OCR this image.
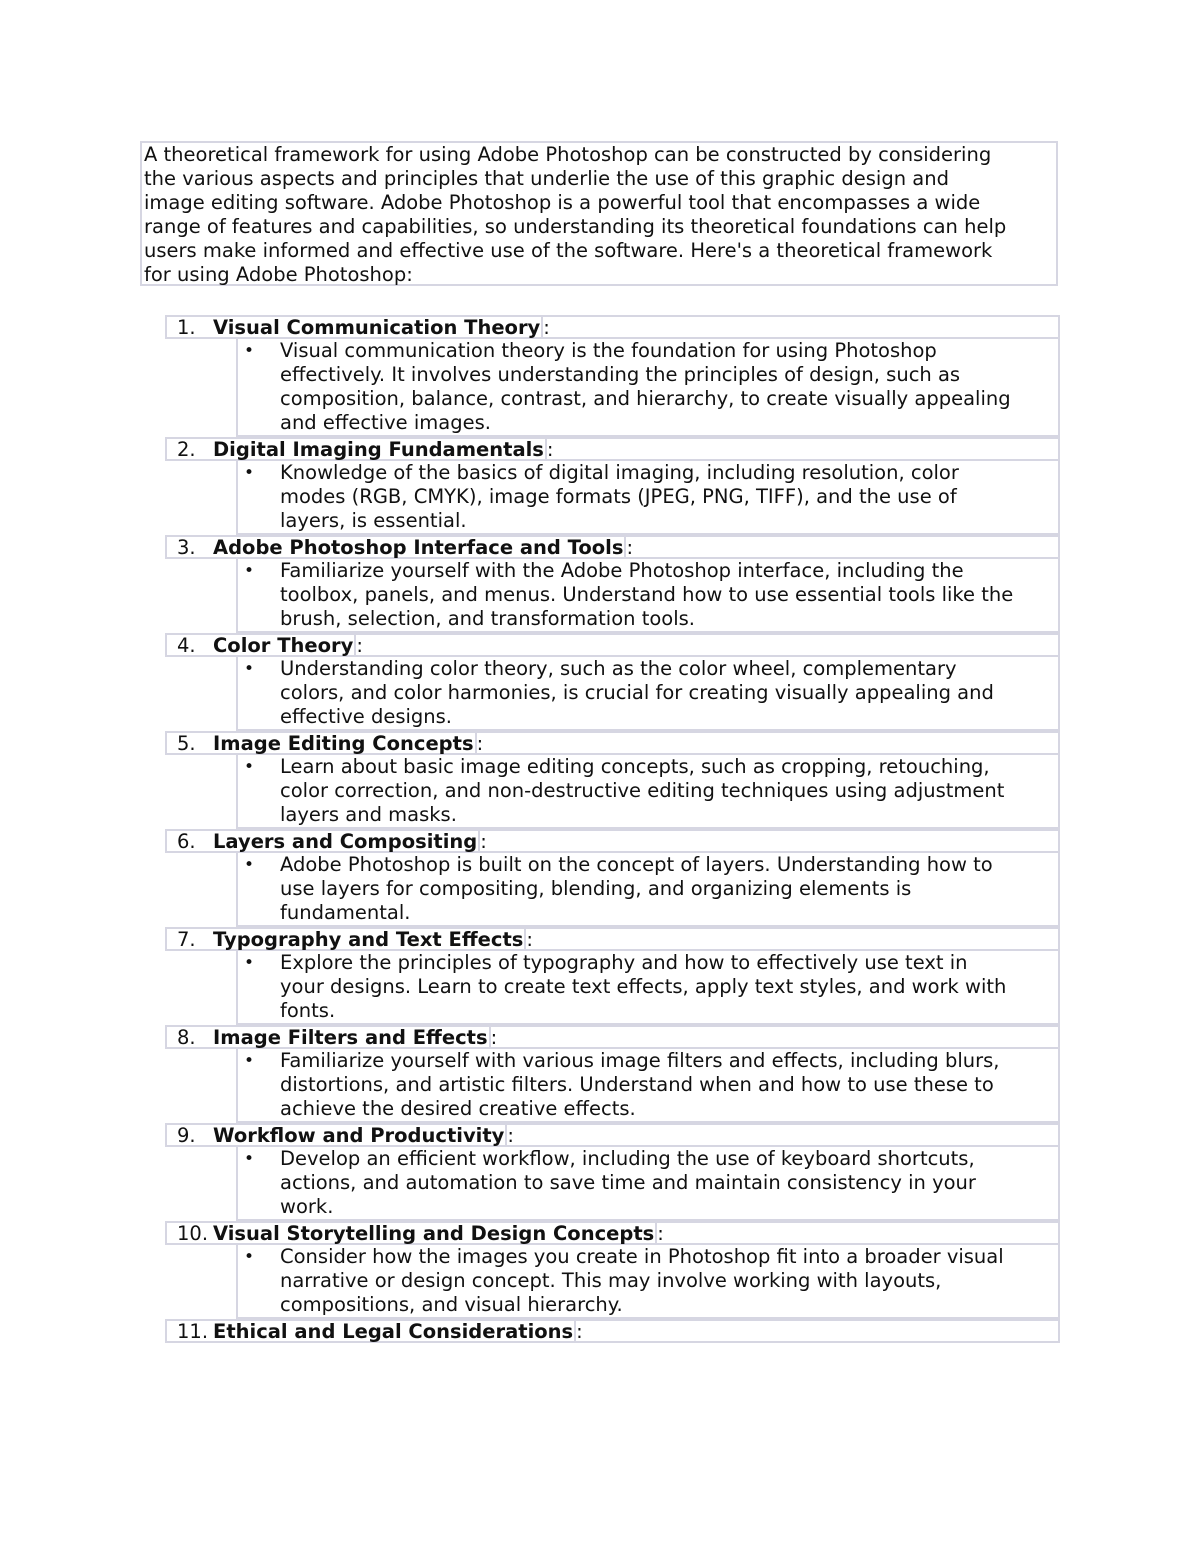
A theoretical framework for using Adobe Photoshop can be constructed by considering
the various aspects and principles that underlie the use of this graphic design and
image editing software. Adobe Photoshop is a powerful tool that encompasses a wide
range of features and capabilities, so understanding its theoretical foundations can help
users make informed and effective use of the software. Here's a theoretical framework
for using Adobe Photoshop:
1. Visual Communication Theory :
• Visual communication theory is the foundation for using Photoshop
effectively. It involves understanding the principles of design, such as
composition, balance, contrast, and hierarchy, to create visually appealing
and effective images.
2. Digital Imaging Fundamentals :
• Knowledge of the basics of digital imaging, including resolution, color
modes (RGB, CMYK), image formats (JPEG, PNG, TIFF), and the use of
layers, is essential.
3. Adobe Photoshop Interface and Tools :
• Familiarize yourself with the Adobe Photoshop interface, including the
toolbox, panels, and menus. Understand how to use essential tools like the
brush, selection, and transformation tools.
4. Color Theory :
• Understanding color theory, such as the color wheel, complementary
colors, and color harmonies, is crucial for creating visually appealing and
effective designs.
5. Image Editing Concepts :
• Learn about basic image editing concepts, such as cropping, retouching,
color correction, and non-destructive editing techniques using adjustment
layers and masks.
6. Layers and Compositing :
• Adobe Photoshop is built on the concept of layers. Understanding how to
use layers for compositing, blending, and organizing elements is
fundamental.
7. Typography and Text Effects :
• Explore the principles of typography and how to effectively use text in
your designs. Learn to create text effects, apply text styles, and work with
fonts.
8. Image Filters and Effects :
• Familiarize yourself with various image filters and effects, including blurs,
distortions, and artistic filters. Understand when and how to use these to
achieve the desired creative effects.
9. Workflow and Productivity :
• Develop an efficient workflow, including the use of keyboard shortcuts,
actions, and automation to save time and maintain consistency in your
work.
10. Visual Storytelling and Design Concepts :
• Consider how the images you create in Photoshop fit into a broader visual
narrative or design concept. This may involve working with layouts,
compositions, and visual hierarchy.
11. Ethical and Legal Considerations :
